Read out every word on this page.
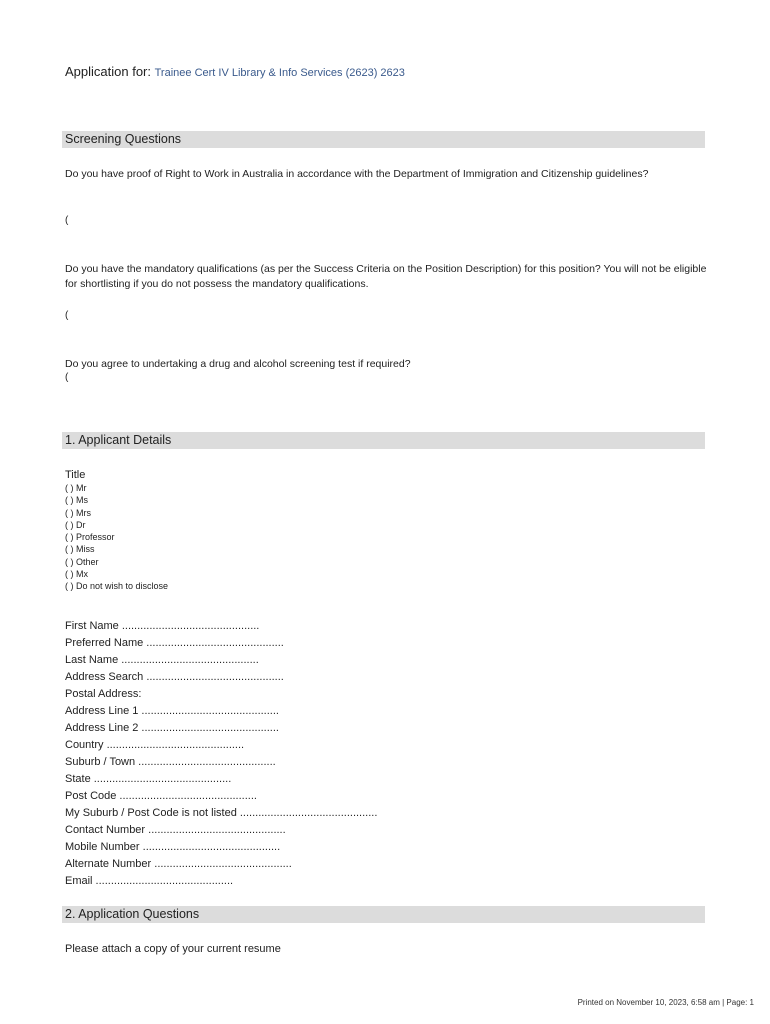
Application for: Trainee Cert IV Library & Info Services (2623) 2623
Screening Questions
Do you have proof of Right to Work in Australia in accordance with the Department of Immigration and Citizenship guidelines?
(
Do you have the mandatory qualifications (as per the Success Criteria on the Position Description) for this position? You will not be eligible for shortlisting if you do not possess the mandatory qualifications.
(
Do you agree to undertaking a drug and alcohol screening test if required?
(
1. Applicant Details
Title
( ) Mr
( ) Ms
( ) Mrs
( ) Dr
( ) Professor
( ) Miss
( ) Other
( ) Mx
( ) Do not wish to disclose
First Name .............................................
Preferred Name .............................................
Last Name .............................................
Address Search .............................................
Postal Address:
Address Line 1 .............................................
Address Line 2 .............................................
Country .............................................
Suburb / Town .............................................
State .............................................
Post Code .............................................
My Suburb / Post Code is not listed .............................................
Contact Number .............................................
Mobile Number .............................................
Alternate Number .............................................
Email .............................................
2. Application Questions
Please attach a copy of your current resume
Printed on November 10, 2023, 6:58 am | Page: 1
